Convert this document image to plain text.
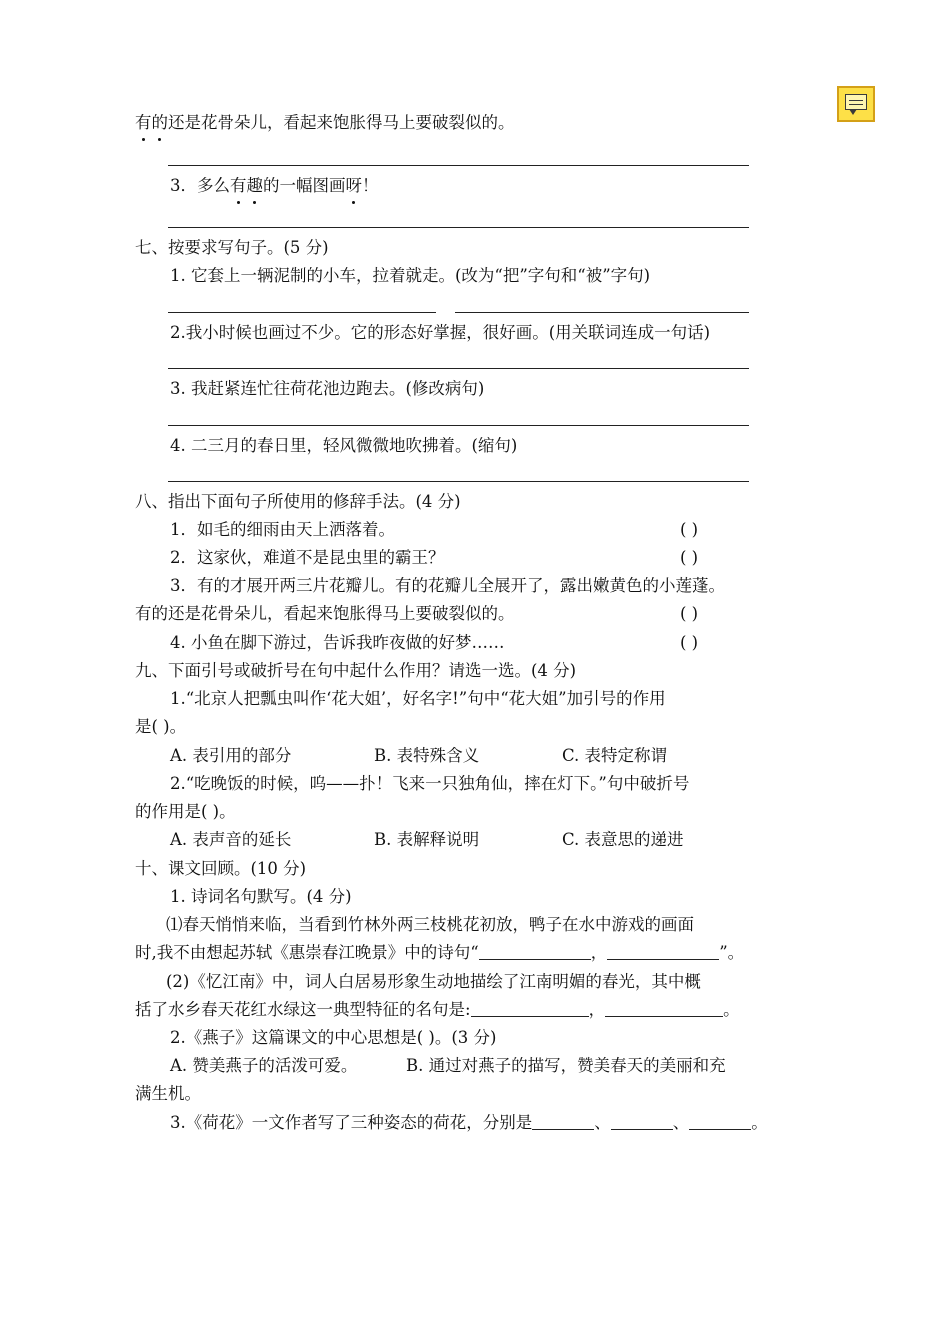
有的还是花骨朵儿，看起来饱胀得马上要破裂似的。
3．多么有趣的一幅图画呀！
七、按要求写句子。(5 分)
1. 它套上一辆泥制的小车，拉着就走。(改为“把”字句和“被”字句)
2.我小时候也画过不少。它的形态好掌握，很好画。(用关联词连成一句话)
3. 我赶紧连忙往荷花池边跑去。(修改病句)
4. 二三月的春日里，轻风微微地吹拂着。(缩句)
八、指出下面句子所使用的修辞手法。(4 分)
1．如毛的细雨由天上洒落着。	( )
2．这家伙，难道不是昆虫里的霸王？	( )
3．有的才展开两三片花瓣儿。有的花瓣儿全展开了，露出嫩黄色的小莲蓬。
有的还是花骨朵儿，看起来饱胀得马上要破裂似的。	( )
4. 小鱼在脚下游过，告诉我昨夜做的好梦……	( )
九、下面引号或破折号在句中起什么作用？请选一选。(4 分)
1.“北京人把瓢虫叫作‘花大姐’，好名字!”句中“花大姐”加引号的作用
是( )。
A. 表引用的部分	B. 表特殊含义	C. 表特定称谓
2.“吃晚饭的时候，呜——扑！飞来一只独角仙，摔在灯下。”句中破折号
的作用是( )。
A. 表声音的延长	B. 表解释说明	C. 表意思的递进
十、课文回顾。(10 分)
1. 诗词名句默写。(4 分)
⑴春天悄悄来临，当看到竹林外两三枝桃花初放，鸭子在水中游戏的画面
时,我不由想起苏轼《惠崇春江晚景》中的诗句“	，	”。
(2)《忆江南》中，词人白居易形象生动地描绘了江南明媚的春光，其中概
括了水乡春天花红水绿这一典型特征的名句是:	，	。
2.《燕子》这篇课文的中心思想是( )。(3 分)
A. 赞美燕子的活泼可爱。	B. 通过对燕子的描写，赞美春天的美丽和充
满生机。
3.《荷花》一文作者写了三种姿态的荷花，分别是	、	、	。
